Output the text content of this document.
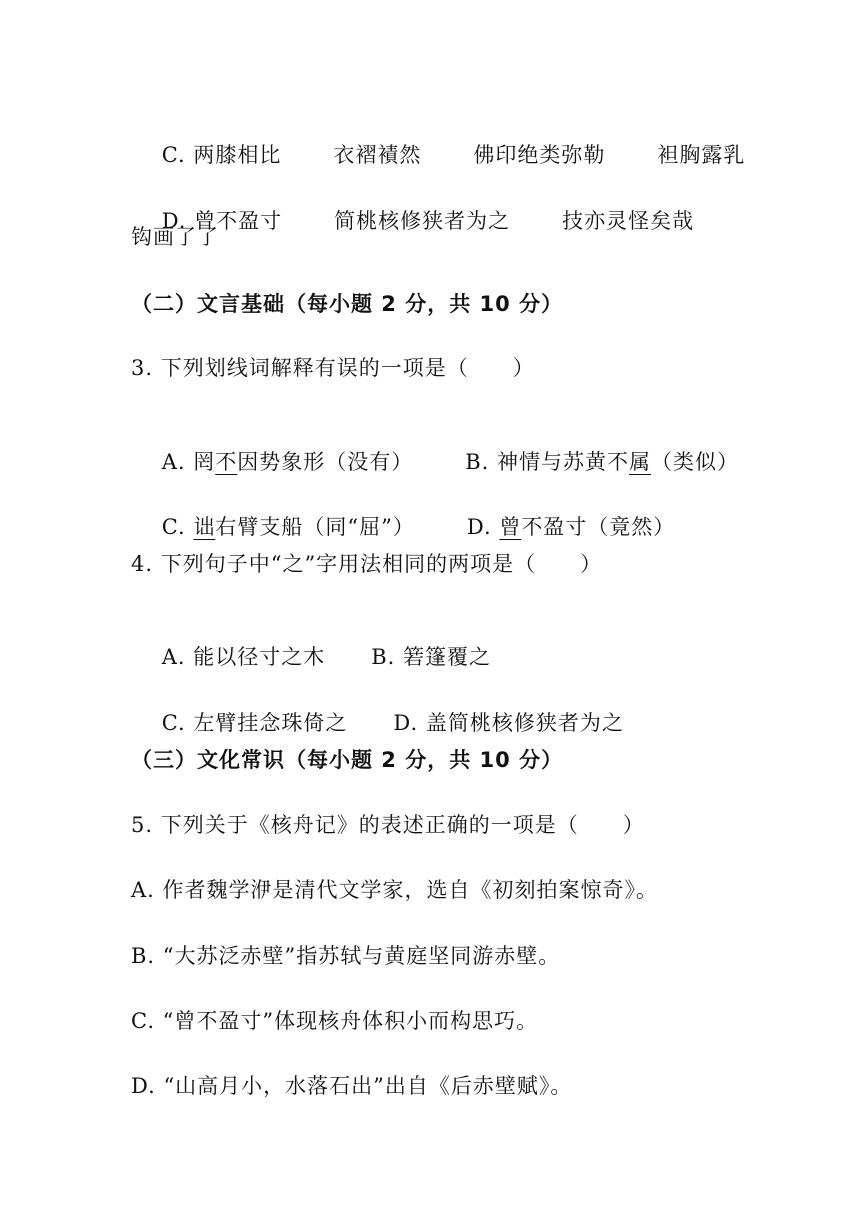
C. 两膝相比 衣褶襀然 佛印绝类弥勒 袒胸露乳

D. 曾不盈寸 简桃核修狭者为之 技亦灵怪矣哉

钩画了了
（二）文言基础（每小题 2 分，共 10 分）
3. 下列划线词解释有误的一项是（　　）

A. 罔不因势象形（没有） B. 神情与苏黄不属（类似）

C. 诎右臂支船（同“屈”） D. 曾不盈寸（竟然）

4. 下列句子中“之”字用法相同的两项是（　　）

A. 能以径寸之木 B. 箬篷覆之

C. 左臂挂念珠倚之 D. 盖简桃核修狭者为之

（三）文化常识（每小题 2 分，共 10 分）
5. 下列关于《核舟记》的表述正确的一项是（　　）
A. 作者魏学洢是清代文学家，选自《初刻拍案惊奇》。
B. “大苏泛赤壁”指苏轼与黄庭坚同游赤壁。
C. “曾不盈寸”体现核舟体积小而构思巧。
D. “山高月小，水落石出”出自《后赤壁赋》。
